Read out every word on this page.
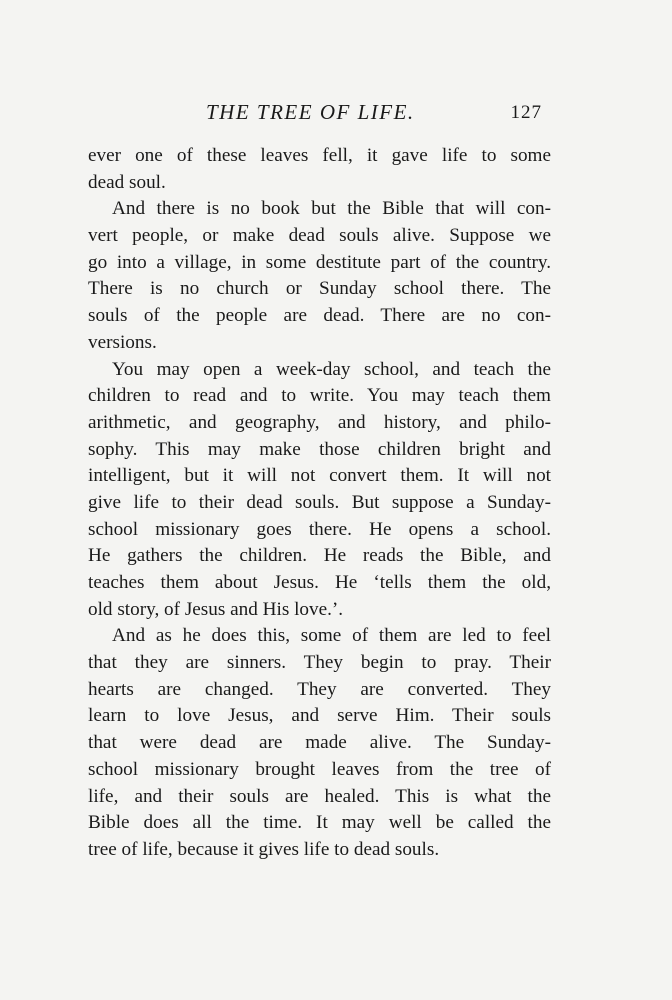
THE TREE OF LIFE.	127
ever one of these leaves fell, it gave life to some
dead soul.
And there is no book but the Bible that will con-
vert people, or make dead souls alive. Suppose we
go into a village, in some destitute part of the country.
There is no church or Sunday school there. The
souls of the people are dead. There are no con-
versions.
You may open a week-day school, and teach the
children to read and to write. You may teach them
arithmetic, and geography, and history, and philo-
sophy. This may make those children bright and
intelligent, but it will not convert them. It will not
give life to their dead souls. But suppose a Sunday-
school missionary goes there. He opens a school.
He gathers the children. He reads the Bible, and
teaches them about Jesus. He ‘tells them the old,
old story, of Jesus and His love.’.
And as he does this, some of them are led to feel
that they are sinners. They begin to pray. Their
hearts are changed. They are converted. They
learn to love Jesus, and serve Him. Their souls
that were dead are made alive. The Sunday-
school missionary brought leaves from the tree of
life, and their souls are healed. This is what the
Bible does all the time. It may well be called the
tree of life, because it gives life to dead souls.
